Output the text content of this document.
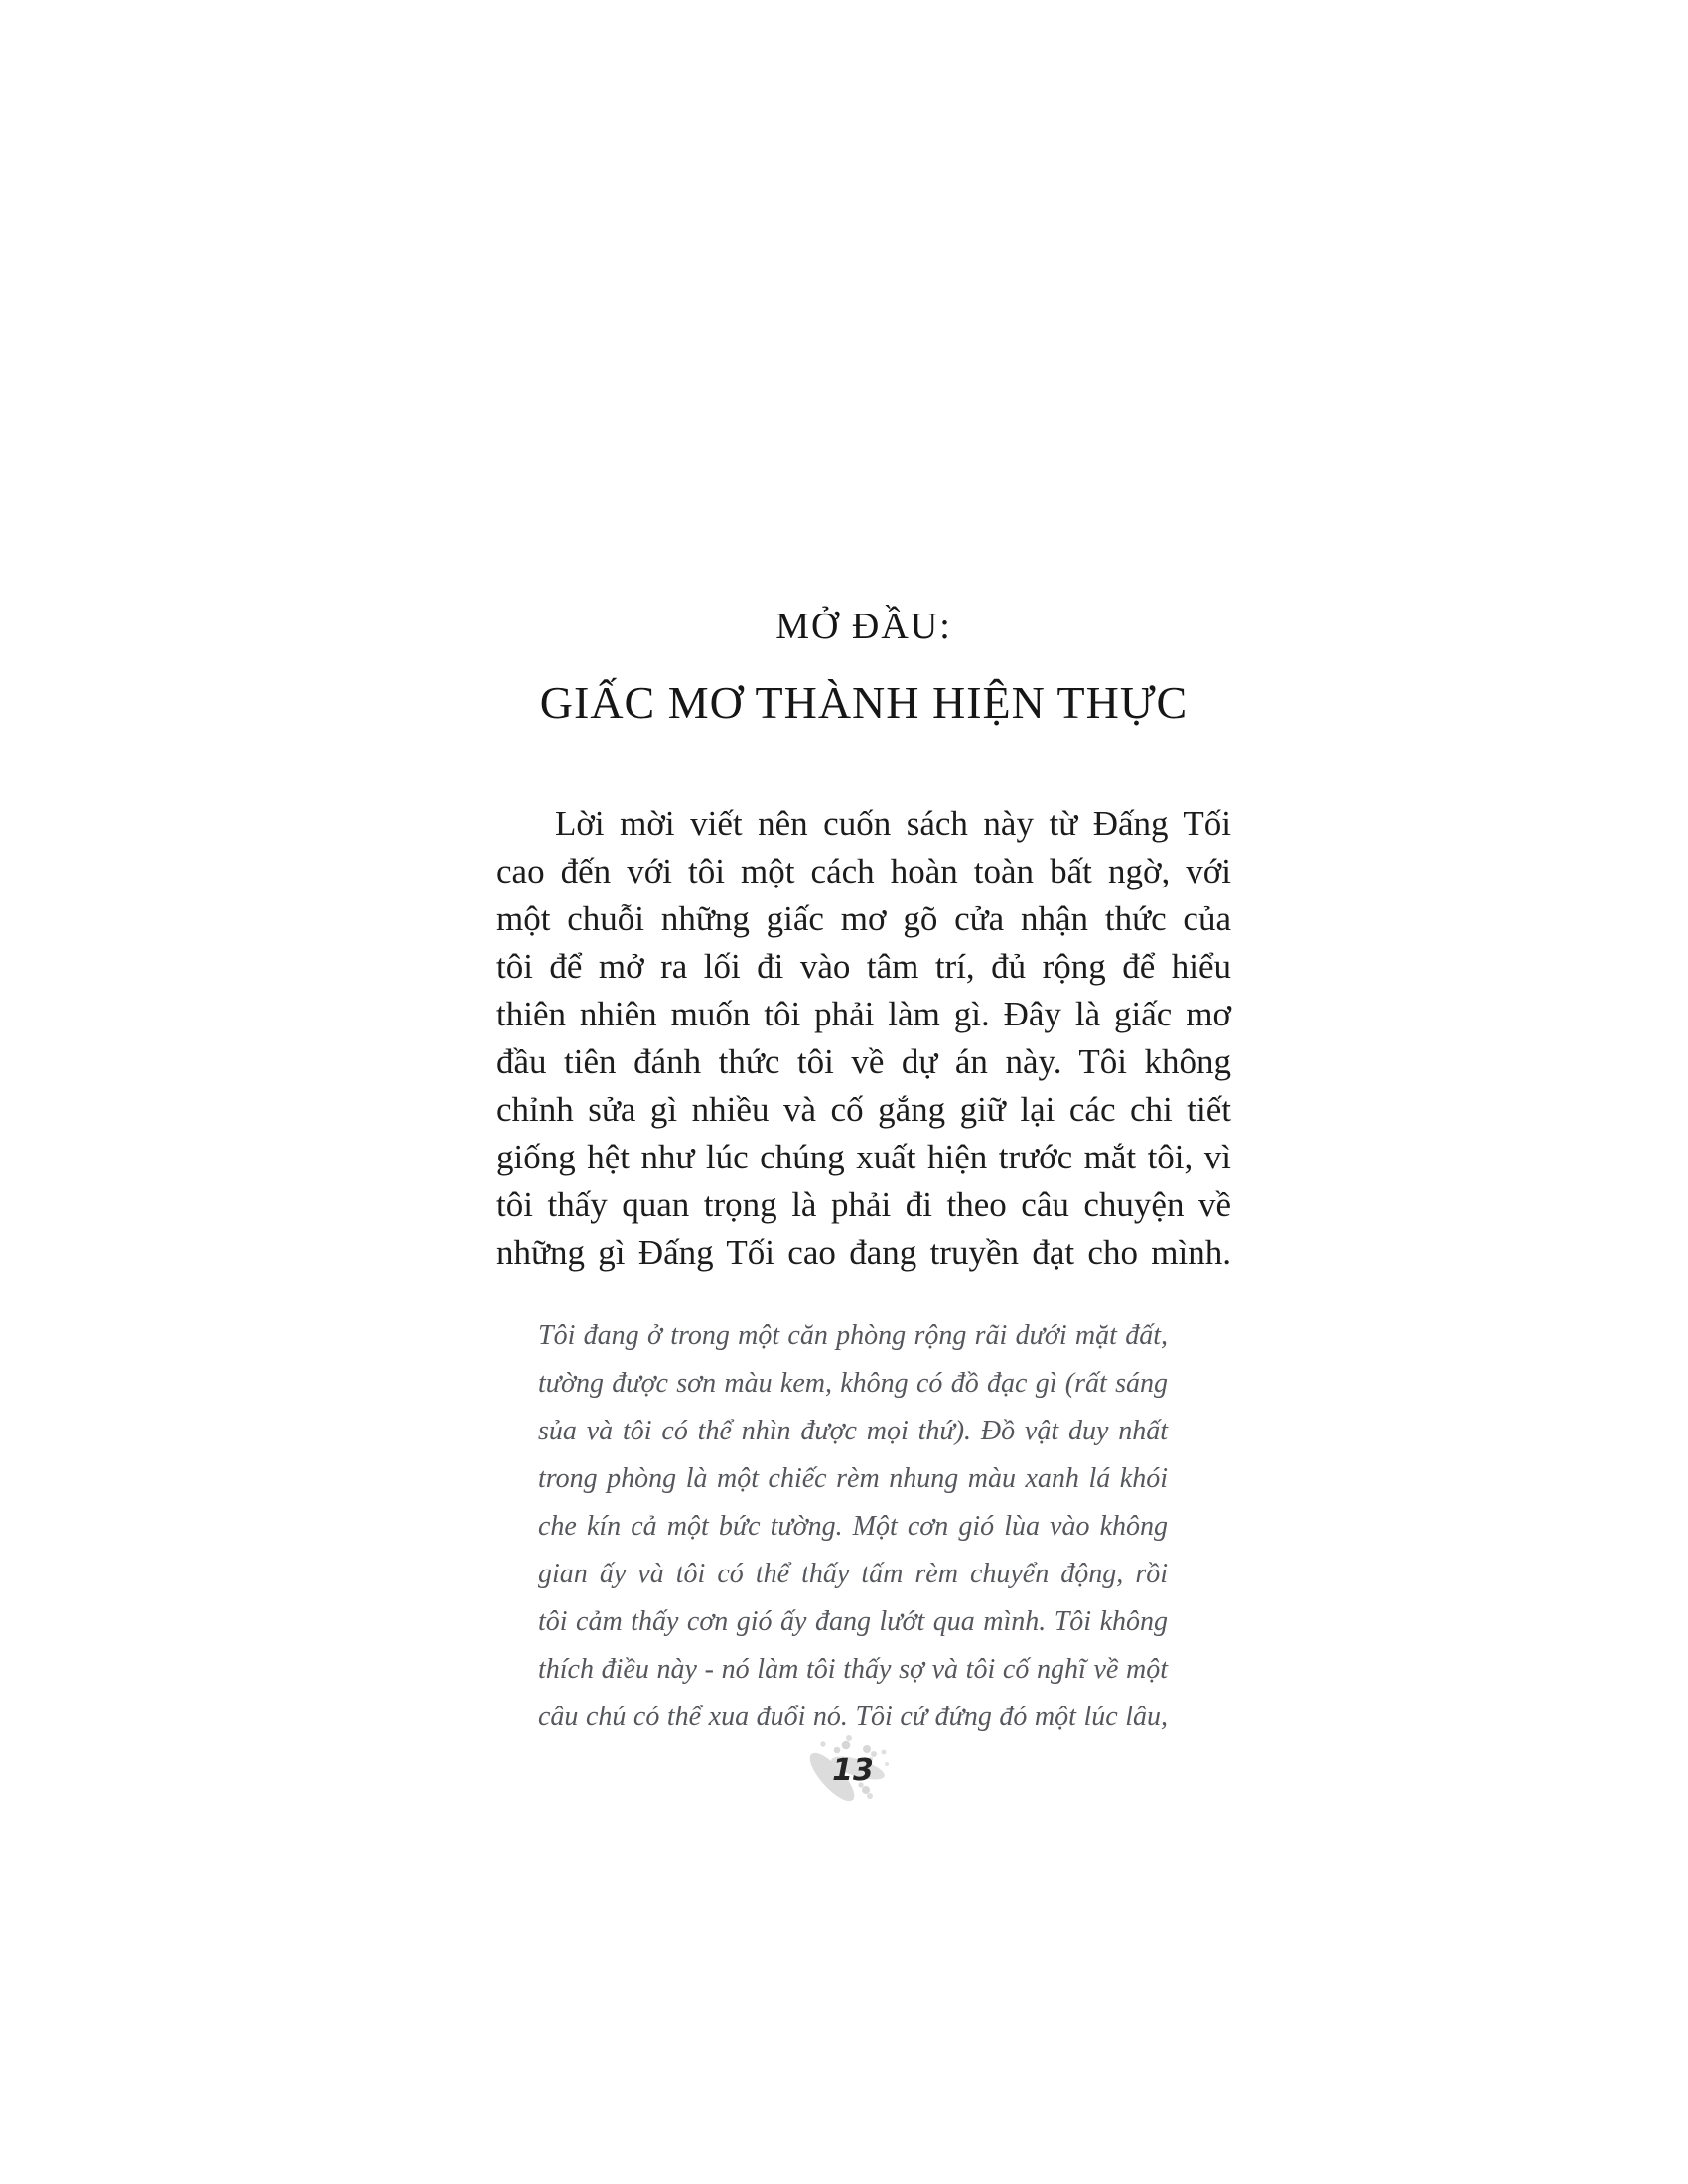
MỞ ĐẦU:
GIẤC MƠ THÀNH HIỆN THỰC
Lời mời viết nên cuốn sách này từ Đấng Tối
cao đến với tôi một cách hoàn toàn bất ngờ, với
một chuỗi những giấc mơ gõ cửa nhận thức của
tôi để mở ra lối đi vào tâm trí, đủ rộng để hiểu
thiên nhiên muốn tôi phải làm gì. Đây là giấc mơ
đầu tiên đánh thức tôi về dự án này. Tôi không
chỉnh sửa gì nhiều và cố gắng giữ lại các chi tiết
giống hệt như lúc chúng xuất hiện trước mắt tôi, vì
tôi thấy quan trọng là phải đi theo câu chuyện về
những gì Đấng Tối cao đang truyền đạt cho mình.
Tôi đang ở trong một căn phòng rộng rãi dưới mặt đất,
tường được sơn màu kem, không có đồ đạc gì (rất sáng
sủa và tôi có thể nhìn được mọi thứ). Đồ vật duy nhất
trong phòng là một chiếc rèm nhung màu xanh lá khói
che kín cả một bức tường. Một cơn gió lùa vào không
gian ấy và tôi có thể thấy tấm rèm chuyển động, rồi
tôi cảm thấy cơn gió ấy đang lướt qua mình. Tôi không
thích điều này - nó làm tôi thấy sợ và tôi cố nghĩ về một
câu chú có thể xua đuổi nó. Tôi cứ đứng đó một lúc lâu,
13
